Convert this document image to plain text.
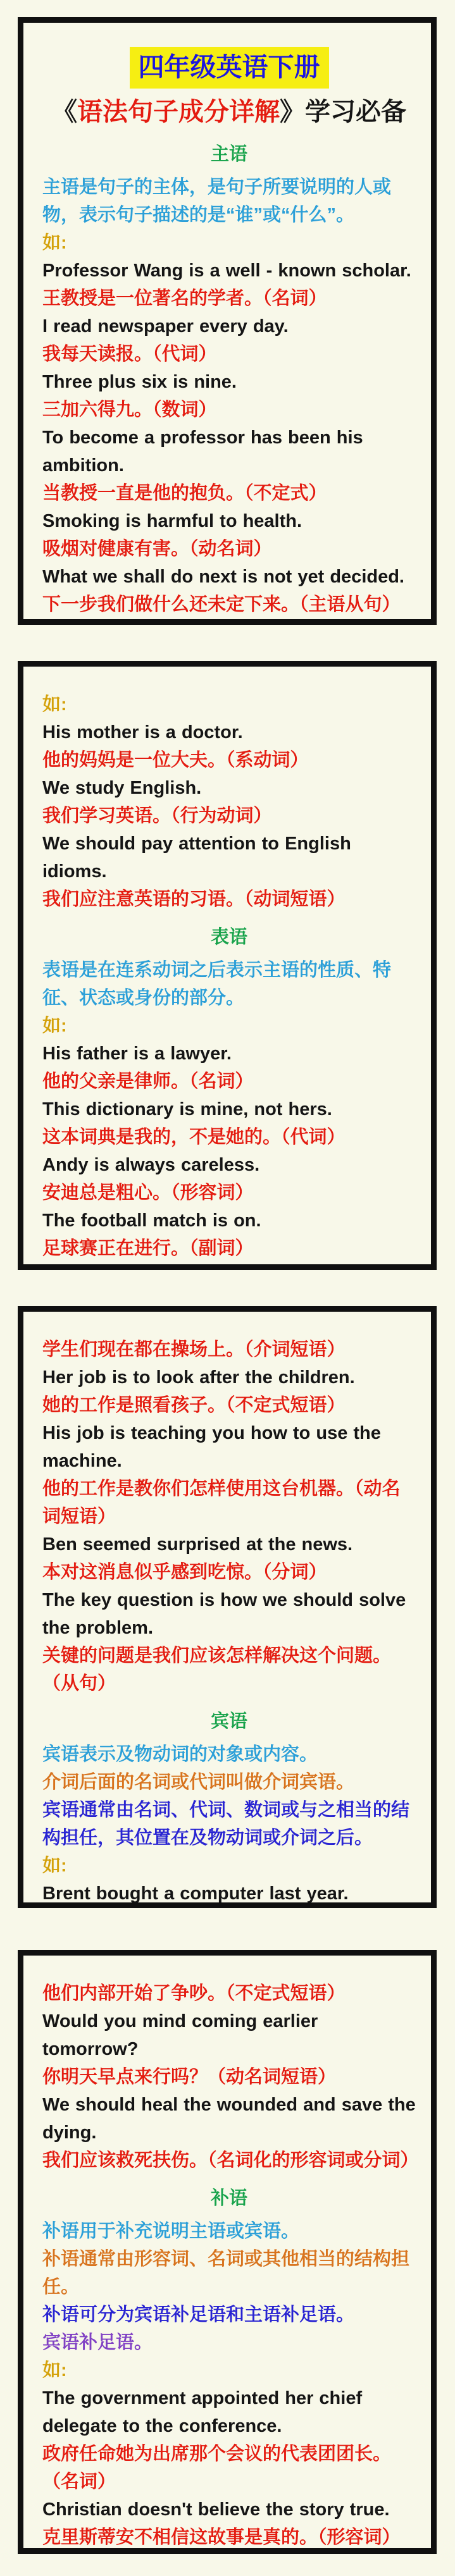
四年级英语下册
《语法句子成分详解》学习必备
主语
主语是句子的主体，是句子所要说明的人或物，表示句子描述的是“谁”或“什么”。
如:
Professor Wang is a well - known scholar.
王教授是一位著名的学者。（名词）
I read newspaper every day.
我每天读报。（代词）
Three plus six is nine.
三加六得九。（数词）
To become a professor has been his ambition.
当教授一直是他的抱负。（不定式）
Smoking is harmful to health.
吸烟对健康有害。（动名词）
What we shall do next is not yet decided.
下一步我们做什么还未定下来。（主语从句）
如:
His mother is a doctor.
他的妈妈是一位大夫。（系动词）
We study English.
我们学习英语。（行为动词）
We should pay attention to English idioms.
我们应注意英语的习语。（动词短语）
表语
表语是在连系动词之后表示主语的性质、特征、状态或身份的部分。
如:
His father is a lawyer.
他的父亲是律师。（名词）
This dictionary is mine, not hers.
这本词典是我的，不是她的。（代词）
Andy is always careless.
安迪总是粗心。（形容词）
The football match is on.
足球赛正在进行。（副词）
学生们现在都在操场上。（介词短语）
Her job is to look after the children.
她的工作是照看孩子。（不定式短语）
His job is teaching you how to use the machine.
他的工作是教你们怎样使用这台机器。（动名词短语）
Ben seemed surprised at the news.
本对这消息似乎感到吃惊。（分词）
The key question is how we should solve the problem.
关键的问题是我们应该怎样解决这个问题。（从句）
宾语
宾语表示及物动词的对象或内容。
介词后面的名词或代词叫做介词宾语。
宾语通常由名词、代词、数词或与之相当的结构担任，其位置在及物动词或介词之后。
如:
Brent bought a computer last year.
他们内部开始了争吵。（不定式短语）
Would you mind coming earlier tomorrow?
你明天早点来行吗？（动名词短语）
We should heal the wounded and save the dying.
我们应该救死扶伤。（名词化的形容词或分词）
补语
补语用于补充说明主语或宾语。
补语通常由形容词、名词或其他相当的结构担任。
补语可分为宾语补足语和主语补足语。
宾语补足语。
如:
The government appointed her chief delegate to the conference.
政府任命她为出席那个会议的代表团团长。（名词）
Christian doesn't believe the story true.
克里斯蒂安不相信这故事是真的。（形容词）
